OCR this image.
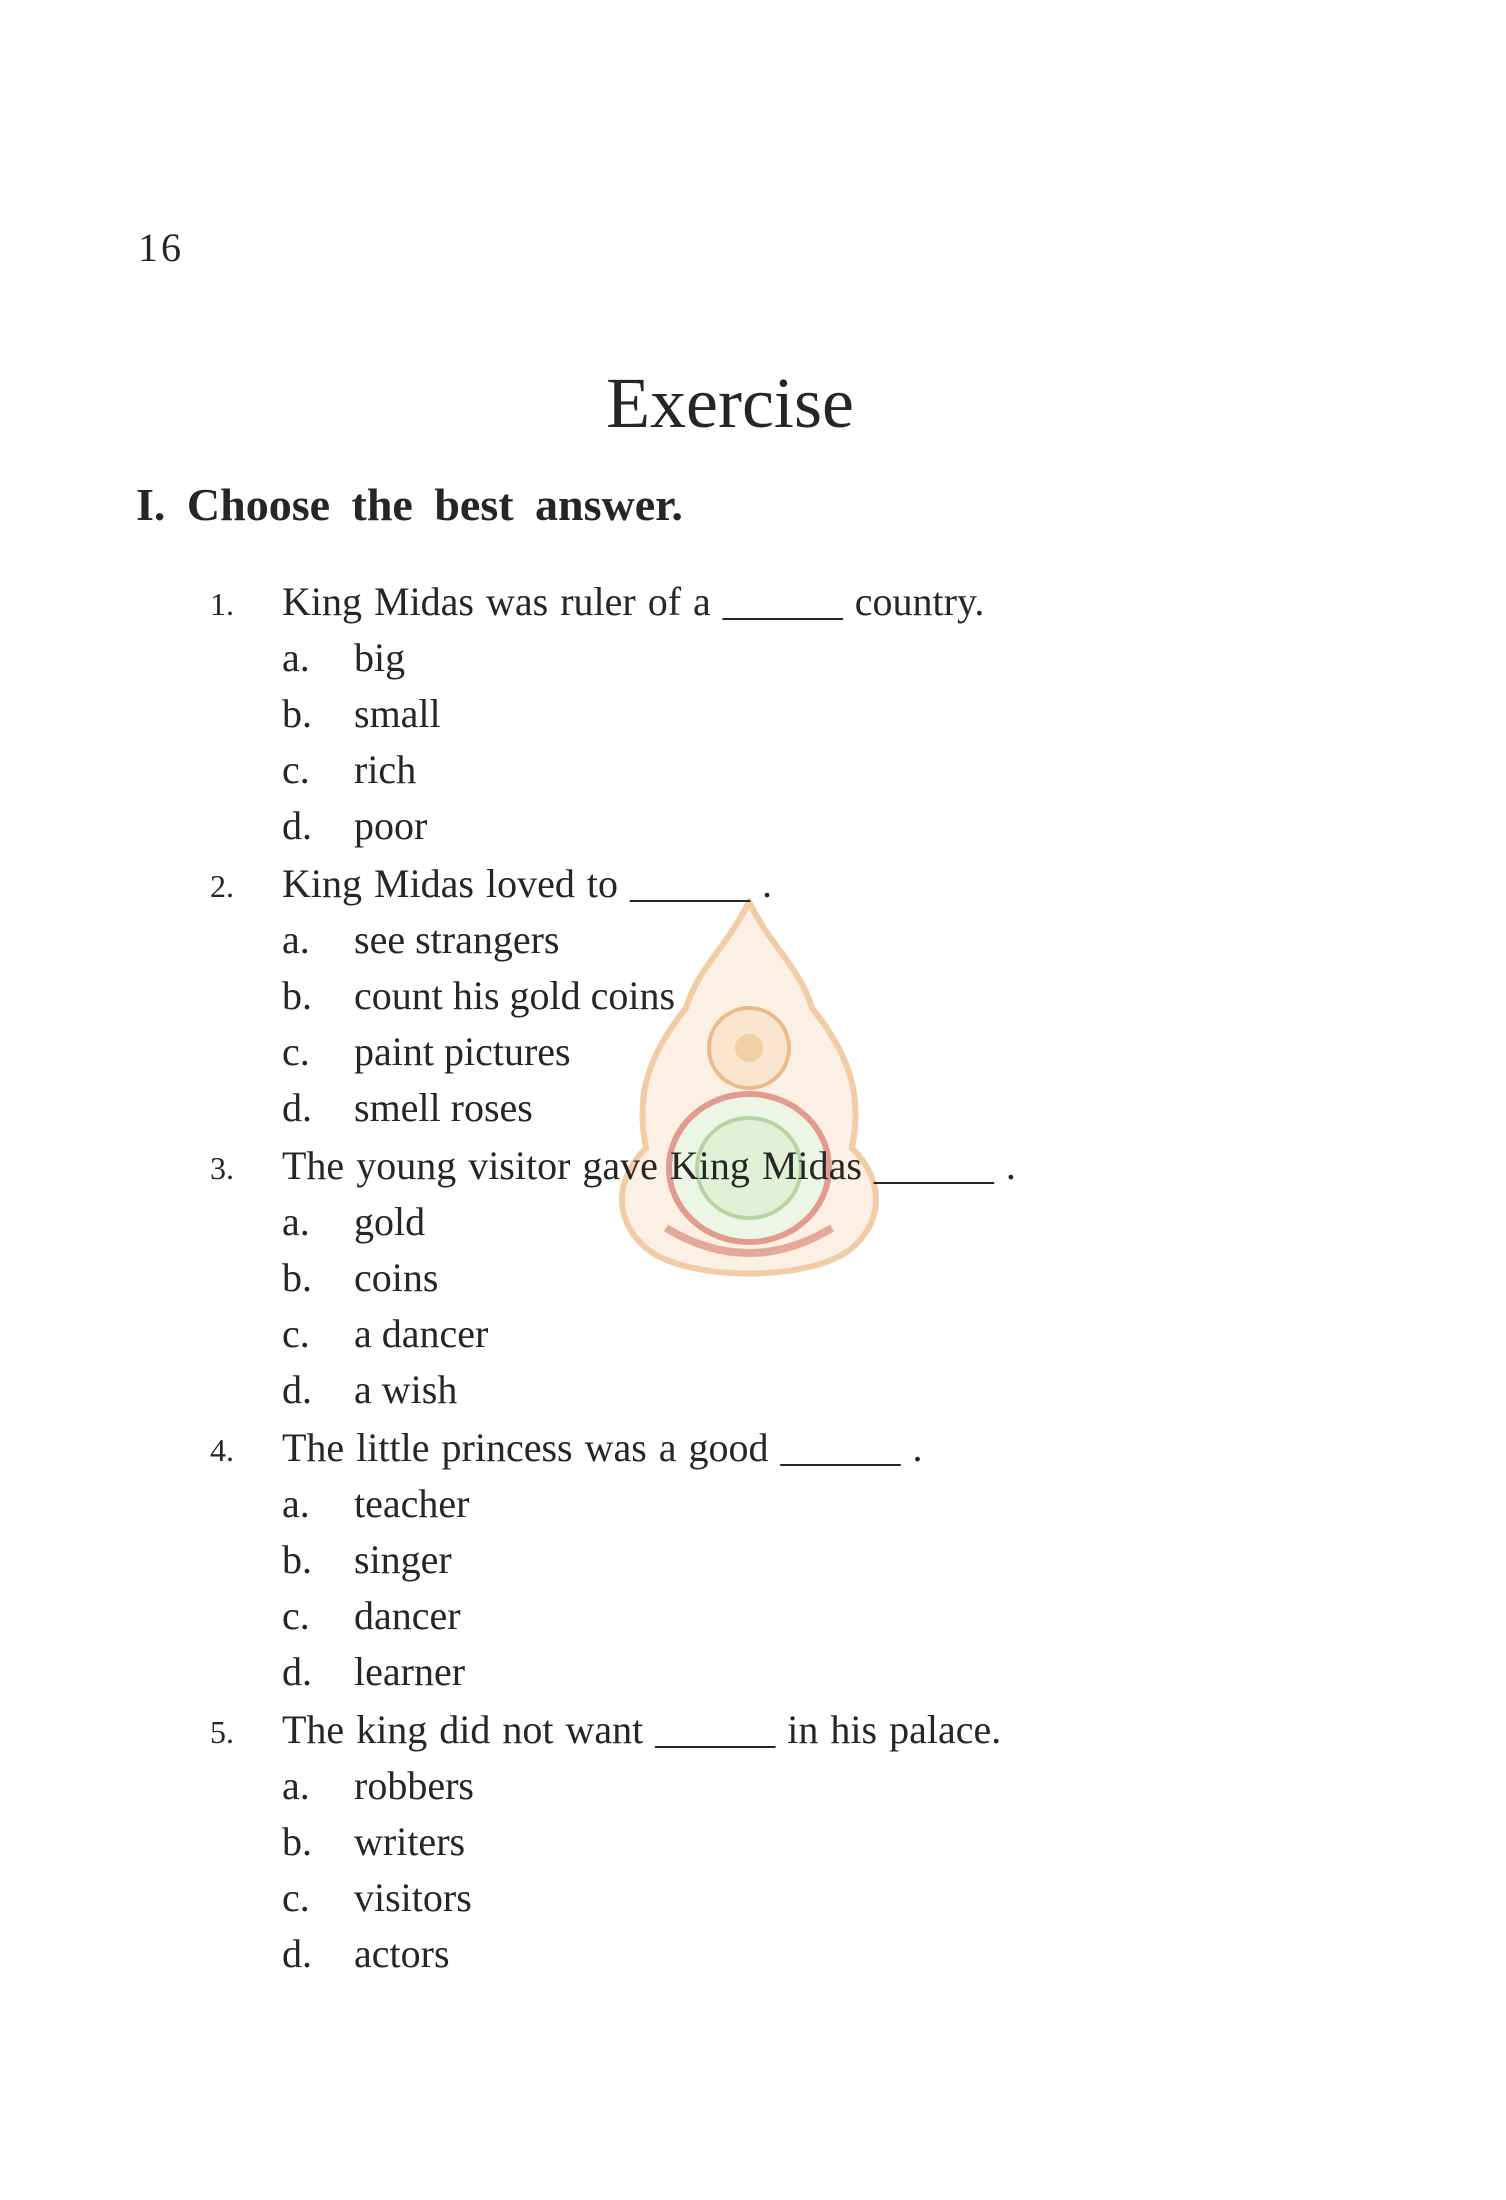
16
Exercise
I. Choose the best answer.
1. King Midas was ruler of a ______ country.
a. big
b. small
c. rich
d. poor
2. King Midas loved to ______ .
a. see strangers
b. count his gold coins
c. paint pictures
d. smell roses
3. The young visitor gave King Midas ______ .
a. gold
b. coins
c. a dancer
d. a wish
4. The little princess was a good ______ .
a. teacher
b. singer
c. dancer
d. learner
5. The king did not want ______ in his palace.
a. robbers
b. writers
c. visitors
d. actors
